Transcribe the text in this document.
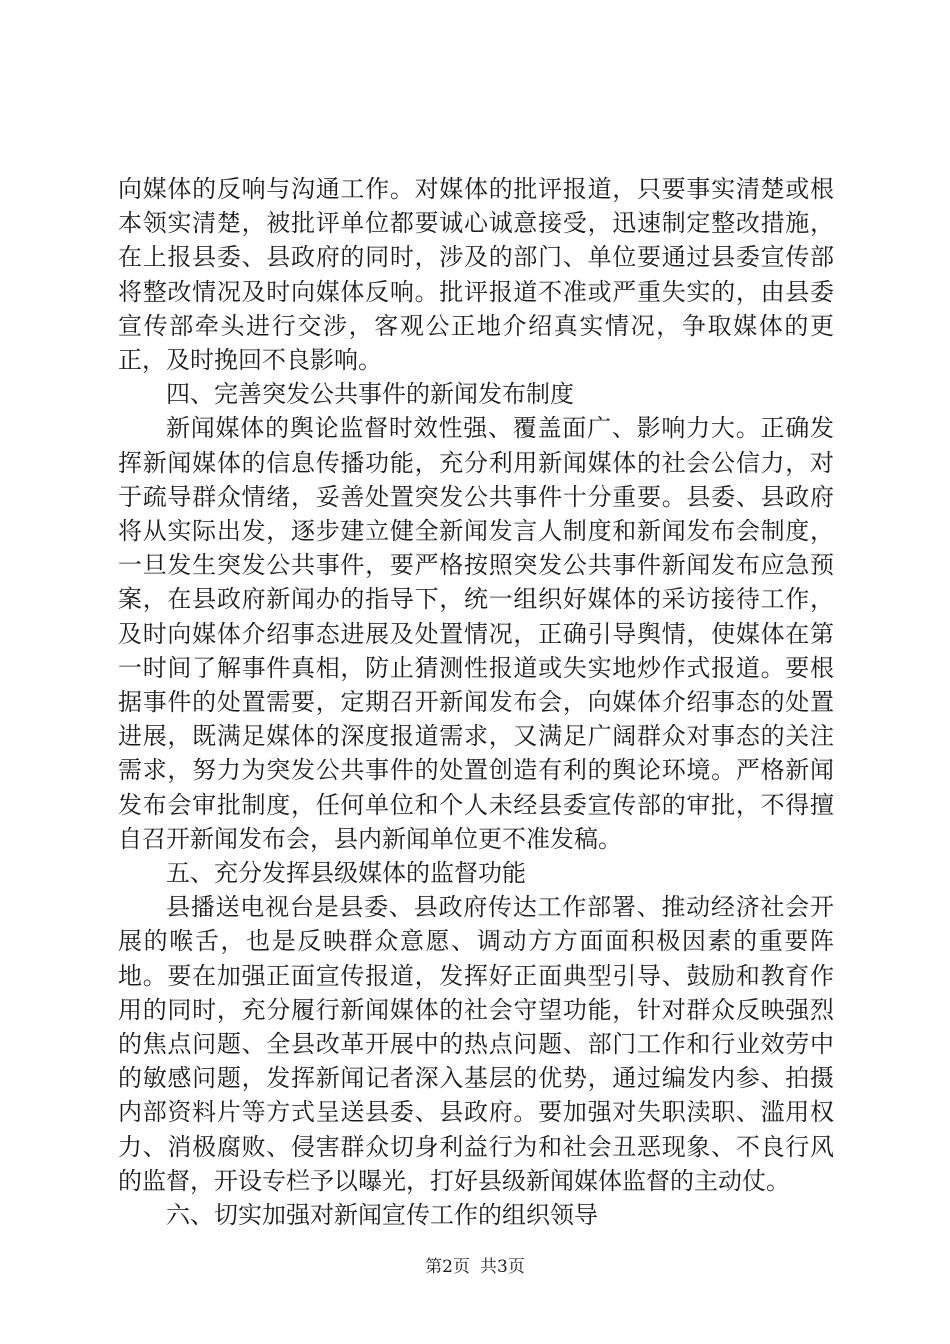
向媒体的反响与沟通工作。对媒体的批评报道，只要事实清楚或根本领实清楚，被批评单位都要诚心诚意接受，迅速制定整改措施，在上报县委、县政府的同时，涉及的部门、单位要通过县委宣传部将整改情况及时向媒体反响。批评报道不准或严重失实的，由县委宣传部牵头进行交涉，客观公正地介绍真实情况，争取媒体的更正，及时挽回不良影响。

四、完善突发公共事件的新闻发布制度

新闻媒体的舆论监督时效性强、覆盖面广、影响力大。正确发挥新闻媒体的信息传播功能，充分利用新闻媒体的社会公信力，对于疏导群众情绪，妥善处置突发公共事件十分重要。县委、县政府将从实际出发，逐步建立健全新闻发言人制度和新闻发布会制度，一旦发生突发公共事件，要严格按照突发公共事件新闻发布应急预案，在县政府新闻办的指导下，统一组织好媒体的采访接待工作，及时向媒体介绍事态进展及处置情况，正确引导舆情，使媒体在第一时间了解事件真相，防止猜测性报道或失实地炒作式报道。要根据事件的处置需要，定期召开新闻发布会，向媒体介绍事态的处置进展，既满足媒体的深度报道需求，又满足广阔群众对事态的关注需求，努力为突发公共事件的处置创造有利的舆论环境。严格新闻发布会审批制度，任何单位和个人未经县委宣传部的审批，不得擅自召开新闻发布会，县内新闻单位更不准发稿。

五、充分发挥县级媒体的监督功能

县播送电视台是县委、县政府传达工作部署、推动经济社会开展的喉舌，也是反映群众意愿、调动方方面面积极因素的重要阵地。要在加强正面宣传报道，发挥好正面典型引导、鼓励和教育作用的同时，充分履行新闻媒体的社会守望功能，针对群众反映强烈的焦点问题、全县改革开展中的热点问题、部门工作和行业效劳中的敏感问题，发挥新闻记者深入基层的优势，通过编发内参、拍摄内部资料片等方式呈送县委、县政府。要加强对失职渎职、滥用权力、消极腐败、侵害群众切身利益行为和社会丑恶现象、不良行风的监督，开设专栏予以曝光，打好县级新闻媒体监督的主动仗。

六、切实加强对新闻宣传工作的组织领导

第2页 共3页
